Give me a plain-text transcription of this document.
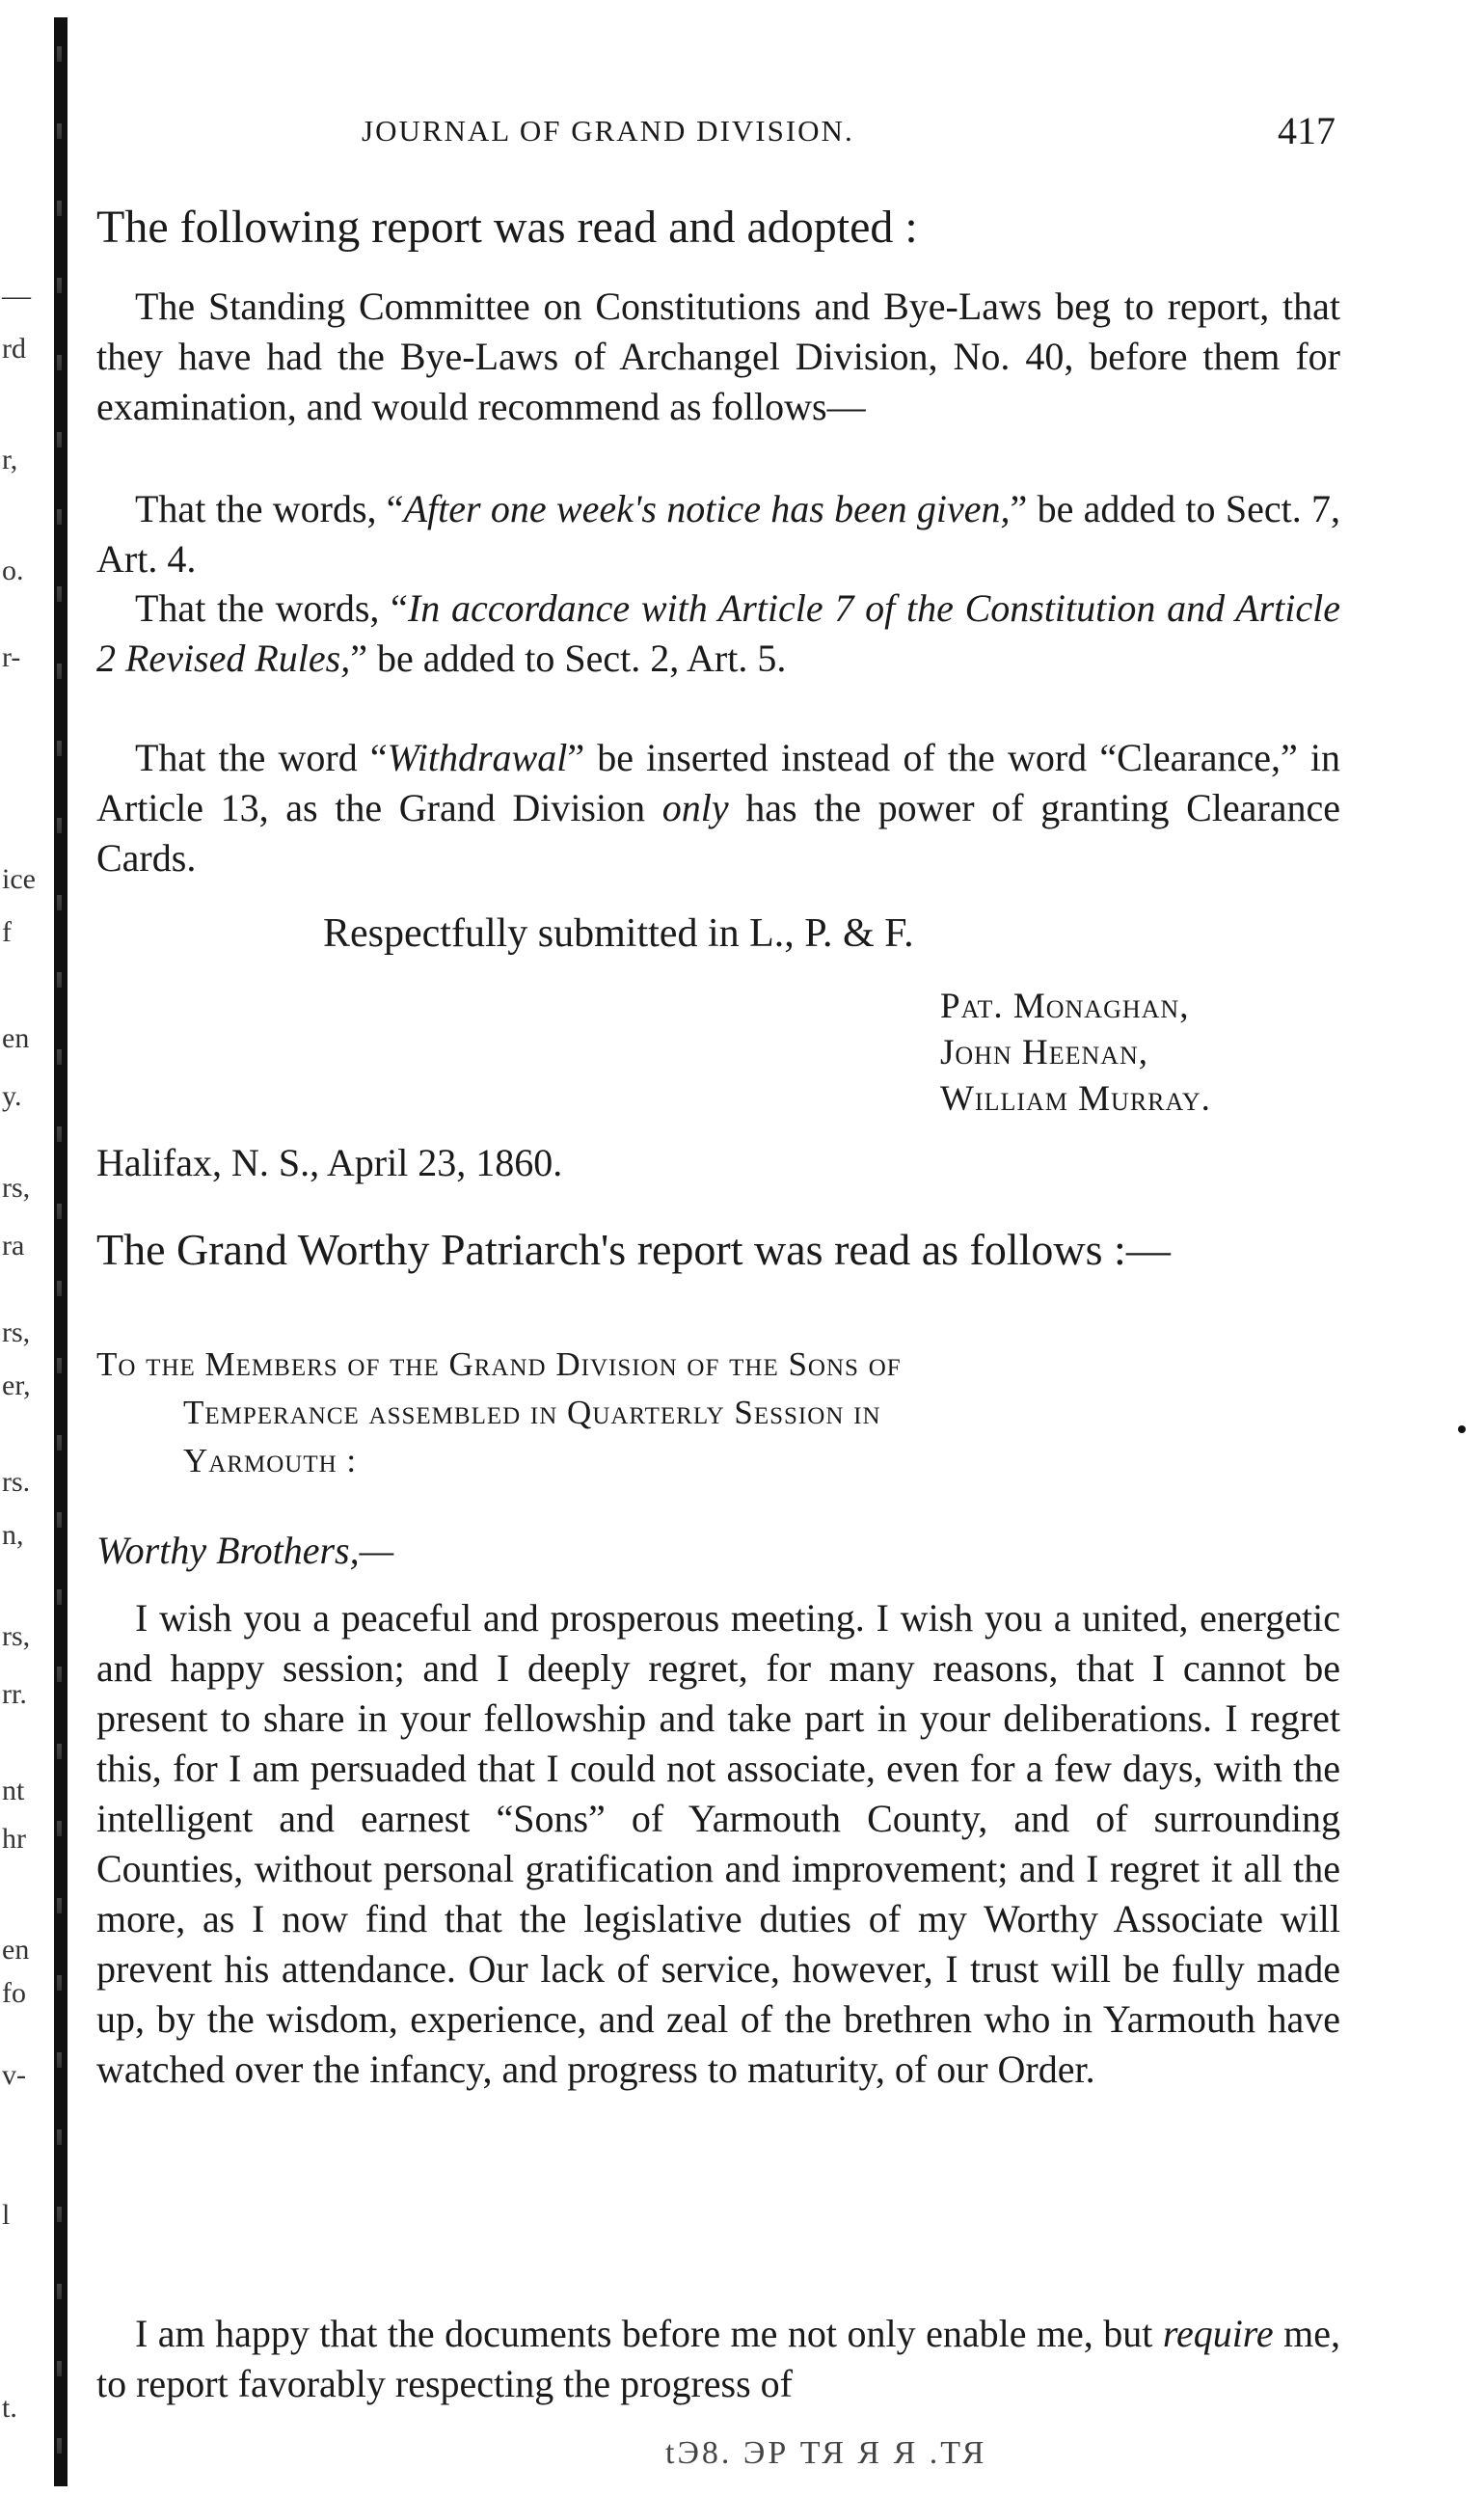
—
rd
r,
o.
r-
ice
f
en
y.
rs,
ra
rs,
er,
rs.
n,
rs,
rr.
nt
hr
en
fo
v-
l
t.
JOURNAL OF GRAND DIVISION.	417
The following report was read and adopted :
The Standing Committee on Constitutions and Bye-Laws beg to report, that they have had the Bye-Laws of Archangel Division, No. 40, before them for examination, and would recommend as follows—
That the words, “After one week's notice has been given,” be added to Sect. 7, Art. 4.
That the words, “In accordance with Article 7 of the Constitution and Article 2 Revised Rules,” be added to Sect. 2, Art. 5.
That the word “Withdrawal” be inserted instead of the word “Clearance,” in Article 13, as the Grand Division only has the power of granting Clearance Cards.
Respectfully submitted in L., P. & F.
Pat. Monaghan,
John Heenan,
William Murray.
Halifax, N. S., April 23, 1860.
The Grand Worthy Patriarch's report was read as follows :—
To the Members of the Grand Division of the Sons of
Temperance assembled in Quarterly Session in
Yarmouth :
Worthy Brothers,—
I wish you a peaceful and prosperous meeting. I wish you a united, energetic and happy session; and I deeply regret, for many reasons, that I cannot be present to share in your fellowship and take part in your deliberations. I regret this, for I am persuaded that I could not associate, even for a few days, with the intelligent and earnest “Sons” of Yarmouth County, and of surrounding Counties, without personal gratification and improvement; and I regret it all the more, as I now find that the legislative duties of my Worthy Associate will prevent his attendance. Our lack of service, however, I trust will be fully made up, by the wisdom, experience, and zeal of the brethren who in Yarmouth have watched over the infancy, and progress to maturity, of our Order.
I am happy that the documents before me not only enable me, but require me, to report favorably respecting the progress of
tЭ8. ЭР ТЯ Я Я .ТЯ
